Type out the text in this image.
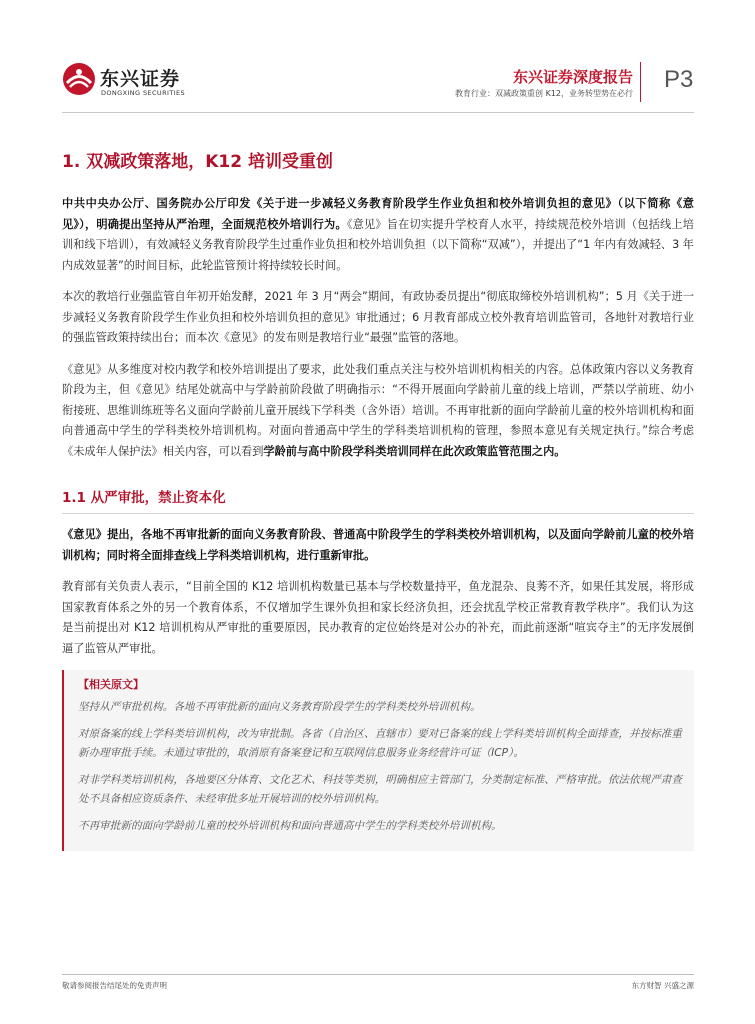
东兴证券
DONGXING SECURITIES
东兴证券深度报告
教育行业：双减政策重创 K12，业务转型势在必行
P3
1. 双减政策落地，K12 培训受重创

中共中央办公厅、国务院办公厅印发《关于进一步减轻义务教育阶段学生作业负担和校外培训负担的意见》（以下简称《意见》），明确提出坚持从严治理，全面规范校外培训行为。《意见》旨在切实提升学校育人水平，持续规范校外培训（包括线上培训和线下培训），有效减轻义务教育阶段学生过重作业负担和校外培训负担（以下简称“双减”），并提出了“1 年内有效减轻、3 年内成效显著”的时间目标，此轮监管预计将持续较长时间。

本次的教培行业强监管自年初开始发酵，2021 年 3 月“两会”期间，有政协委员提出“彻底取缔校外培训机构”；5 月《关于进一步减轻义务教育阶段学生作业负担和校外培训负担的意见》审批通过；6 月教育部成立校外教育培训监管司，各地针对教培行业的强监管政策持续出台；而本次《意见》的发布则是教培行业“最强”监管的落地。

《意见》从多维度对校内教学和校外培训提出了要求，此处我们重点关注与校外培训机构相关的内容。总体政策内容以义务教育阶段为主，但《意见》结尾处就高中与学龄前阶段做了明确指示：“不得开展面向学龄前儿童的线上培训，严禁以学前班、幼小衔接班、思维训练班等名义面向学龄前儿童开展线下学科类（含外语）培训。不再审批新的面向学龄前儿童的校外培训机构和面向普通高中学生的学科类校外培训机构。对面向普通高中学生的学科类培训机构的管理，参照本意见有关规定执行。”综合考虑《未成年人保护法》相关内容，可以看到学龄前与高中阶段学科类培训同样在此次政策监管范围之内。

1.1 从严审批，禁止资本化

《意见》提出，各地不再审批新的面向义务教育阶段、普通高中阶段学生的学科类校外培训机构，以及面向学龄前儿童的校外培训机构；同时将全面排查线上学科类培训机构，进行重新审批。

教育部有关负责人表示，“目前全国的 K12 培训机构数量已基本与学校数量持平，鱼龙混杂、良莠不齐，如果任其发展，将形成国家教育体系之外的另一个教育体系，不仅增加学生课外负担和家长经济负担，还会扰乱学校正常教育教学秩序”。我们认为这是当前提出对 K12 培训机构从严审批的重要原因，民办教育的定位始终是对公办的补充，而此前逐渐“喧宾夺主”的无序发展倒逼了监管从严审批。

【相关原文】

坚持从严审批机构。各地不再审批新的面向义务教育阶段学生的学科类校外培训机构。

对原备案的线上学科类培训机构，改为审批制。各省（自治区、直辖市）要对已备案的线上学科类培训机构全面排查，并按标准重新办理审批手续。未通过审批的，取消原有备案登记和互联网信息服务业务经营许可证（ICP）。

对非学科类培训机构，各地要区分体育、文化艺术、科技等类别，明确相应主管部门，分类制定标准、严格审批。依法依规严肃查处不具备相应资质条件、未经审批多址开展培训的校外培训机构。

不再审批新的面向学龄前儿童的校外培训机构和面向普通高中学生的学科类校外培训机构。

敬请参阅报告结尾处的免责声明	东方财智 兴盛之源
